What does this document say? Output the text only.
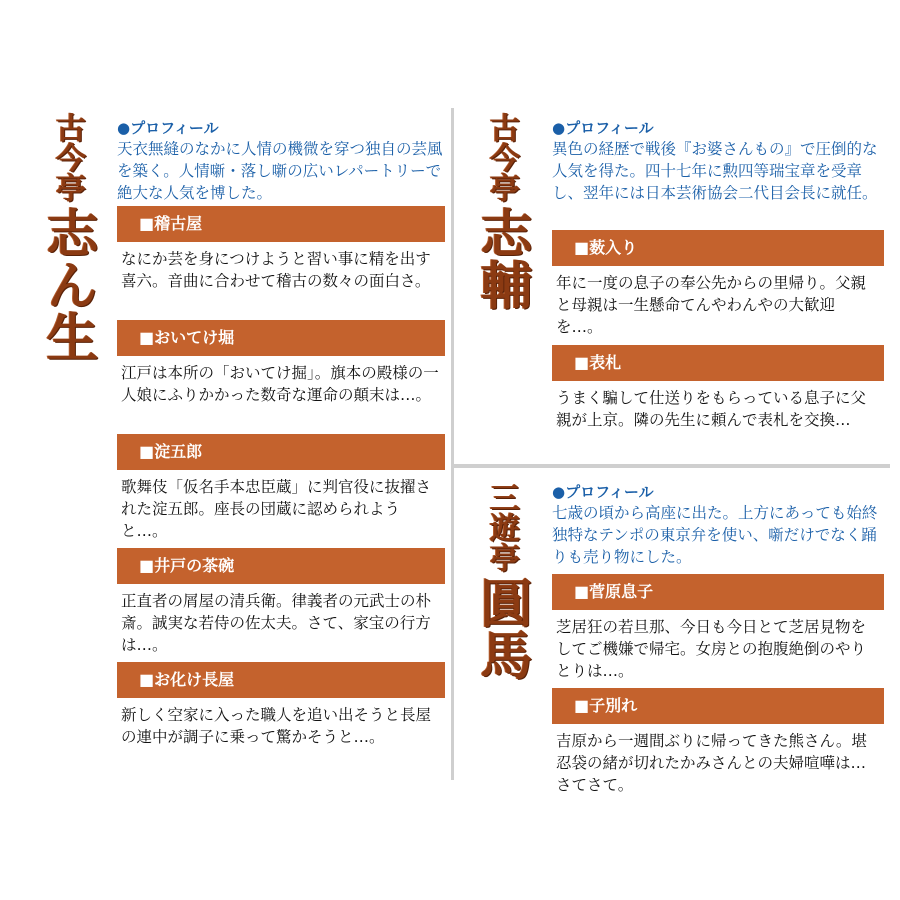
古今亭
志ん生
●プロフィール
天衣無縫のなかに人情の機微を穿つ独自の芸風を築く。人情噺・落し噺の広いレパートリーで絶大な人気を博した。
■稽古屋
なにか芸を身につけようと習い事に精を出す喜六。音曲に合わせて稽古の数々の面白さ。
■おいてけ堀
江戸は本所の「おいてけ掘」。旗本の殿様の一人娘にふりかかった数奇な運命の顛末は…。
■淀五郎
歌舞伎「仮名手本忠臣蔵」に判官役に抜擢された淀五郎。座長の団蔵に認められようと…。
■井戸の茶碗
正直者の屑屋の清兵衛。律義者の元武士の朴斎。誠実な若侍の佐太夫。さて、家宝の行方は…。
■お化け長屋
新しく空家に入った職人を追い出そうと長屋の連中が調子に乗って驚かそうと…。
古今亭
志輔
●プロフィール
異色の経歴で戦後『お婆さんもの』で圧倒的な人気を得た。四十七年に勲四等瑞宝章を受章し、翌年には日本芸術協会二代目会長に就任。
■薮入り
年に一度の息子の奉公先からの里帰り。父親と母親は一生懸命てんやわんやの大歓迎を…。
■表札
うまく騙して仕送りをもらっている息子に父親が上京。隣の先生に頼んで表札を交換…
三遊亭
圓馬
●プロフィール
七歳の頃から高座に出た。上方にあっても始終独特なテンポの東京弁を使い、噺だけでなく踊りも売り物にした。
■菅原息子
芝居狂の若旦那、今日も今日とて芝居見物をしてご機嫌で帰宅。女房との抱腹絶倒のやりとりは…。
■子別れ
吉原から一週間ぶりに帰ってきた熊さん。堪忍袋の緒が切れたかみさんとの夫婦喧嘩は…さてさて。
